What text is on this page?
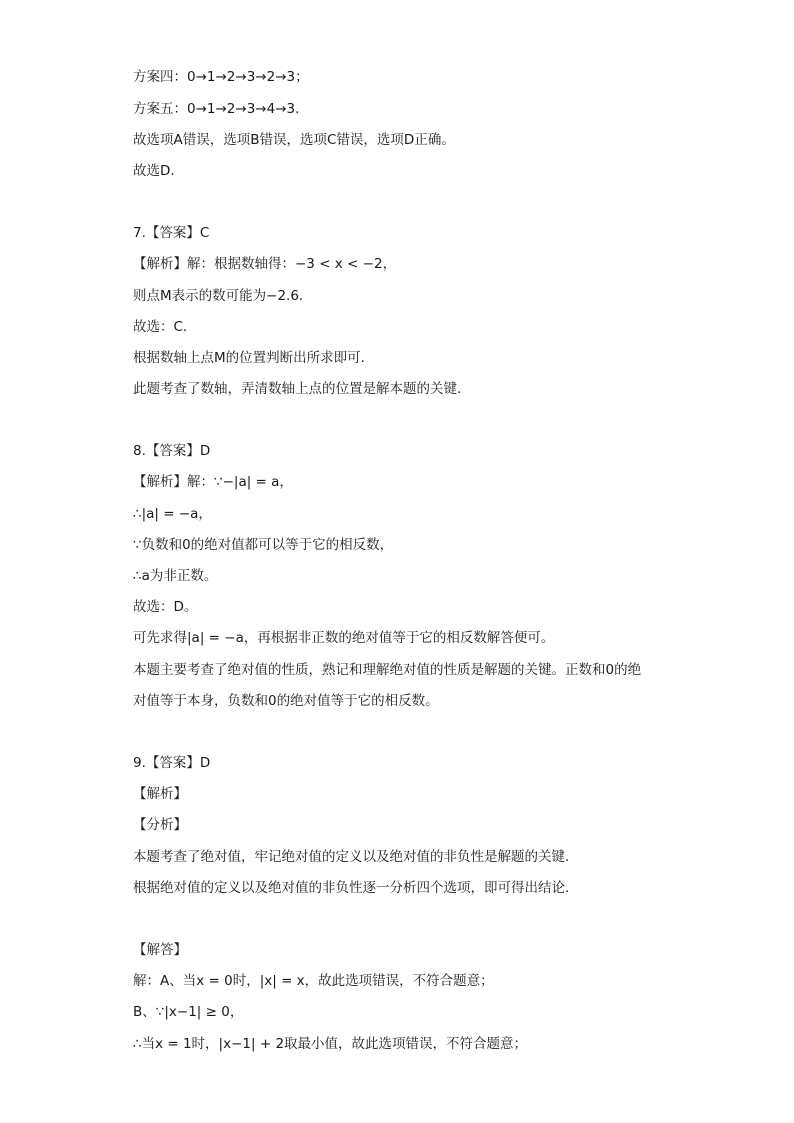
方案四：0→1→2→3→2→3；
方案五：0→1→2→3→4→3．
故选项A错误，选项B错误，选项C错误，选项D正确。
故选D.
7.【答案】C
【解析】解：根据数轴得：−3 < x < −2，
则点M表示的数可能为−2.6．
故选：C．
根据数轴上点M的位置判断出所求即可．
此题考查了数轴，弄清数轴上点的位置是解本题的关键．
8.【答案】D
【解析】解：∵−|a| = a，
∴|a| = −a，
∵负数和0的绝对值都可以等于它的相反数，
∴a为非正数。
故选：D。
可先求得|a| = −a，再根据非正数的绝对值等于它的相反数解答便可。
本题主要考查了绝对值的性质，熟记和理解绝对值的性质是解题的关键。正数和0的绝
对值等于本身，负数和0的绝对值等于它的相反数。
9.【答案】D
【解析】
【分析】
本题考查了绝对值，牢记绝对值的定义以及绝对值的非负性是解题的关键．
根据绝对值的定义以及绝对值的非负性逐一分析四个选项，即可得出结论．
【解答】
解：A、当x = 0时，|x| = x，故此选项错误，不符合题意；
B、∵|x−1| ≥ 0，
∴当x = 1时，|x−1| + 2取最小值，故此选项错误，不符合题意；
